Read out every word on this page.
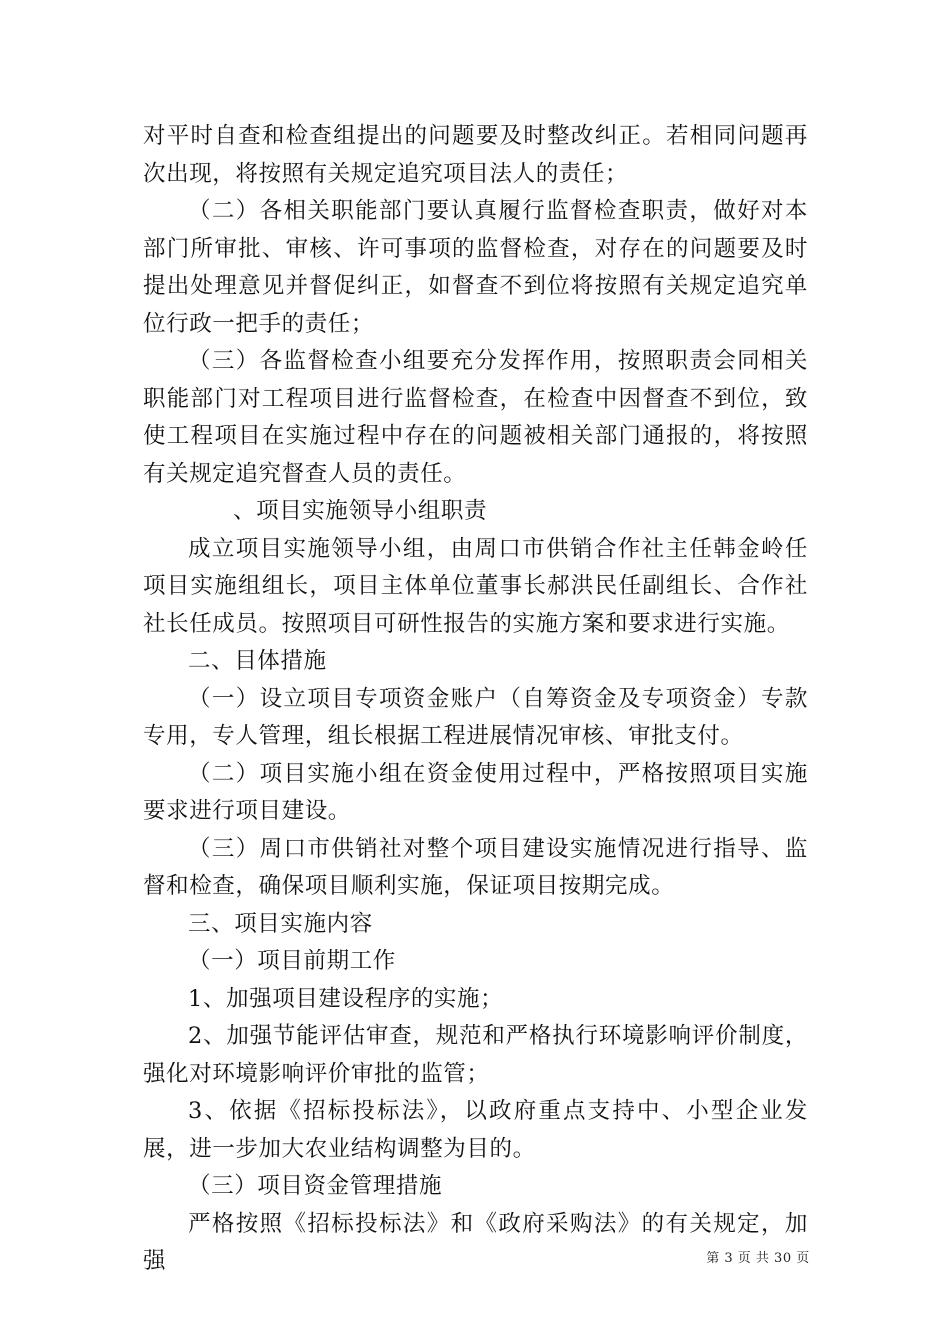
对平时自查和检查组提出的问题要及时整改纠正。若相同问题再次出现，将按照有关规定追究项目法人的责任；

（二）各相关职能部门要认真履行监督检查职责，做好对本部门所审批、审核、许可事项的监督检查，对存在的问题要及时提出处理意见并督促纠正，如督查不到位将按照有关规定追究单位行政一把手的责任；

（三）各监督检查小组要充分发挥作用，按照职责会同相关职能部门对工程项目进行监督检查，在检查中因督查不到位，致使工程项目在实施过程中存在的问题被相关部门通报的，将按照有关规定追究督查人员的责任。

、项目实施领导小组职责

成立项目实施领导小组，由周口市供销合作社主任韩金岭任项目实施组组长，项目主体单位董事长郝洪民任副组长、合作社社长任成员。按照项目可研性报告的实施方案和要求进行实施。

二、目体措施

（一）设立项目专项资金账户（自筹资金及专项资金）专款专用，专人管理，组长根据工程进展情况审核、审批支付。

（二）项目实施小组在资金使用过程中，严格按照项目实施要求进行项目建设。

（三）周口市供销社对整个项目建设实施情况进行指导、监督和检查，确保项目顺利实施，保证项目按期完成。

三、项目实施内容

（一）项目前期工作

1、加强项目建设程序的实施；

2、加强节能评估审查，规范和严格执行环境影响评价制度，强化对环境影响评价审批的监管；

3、依据《招标投标法》，以政府重点支持中、小型企业发展，进一步加大农业结构调整为目的。

（三）项目资金管理措施

严格按照《招标投标法》和《政府采购法》的有关规定，加强	第 3 页 共 30 页
